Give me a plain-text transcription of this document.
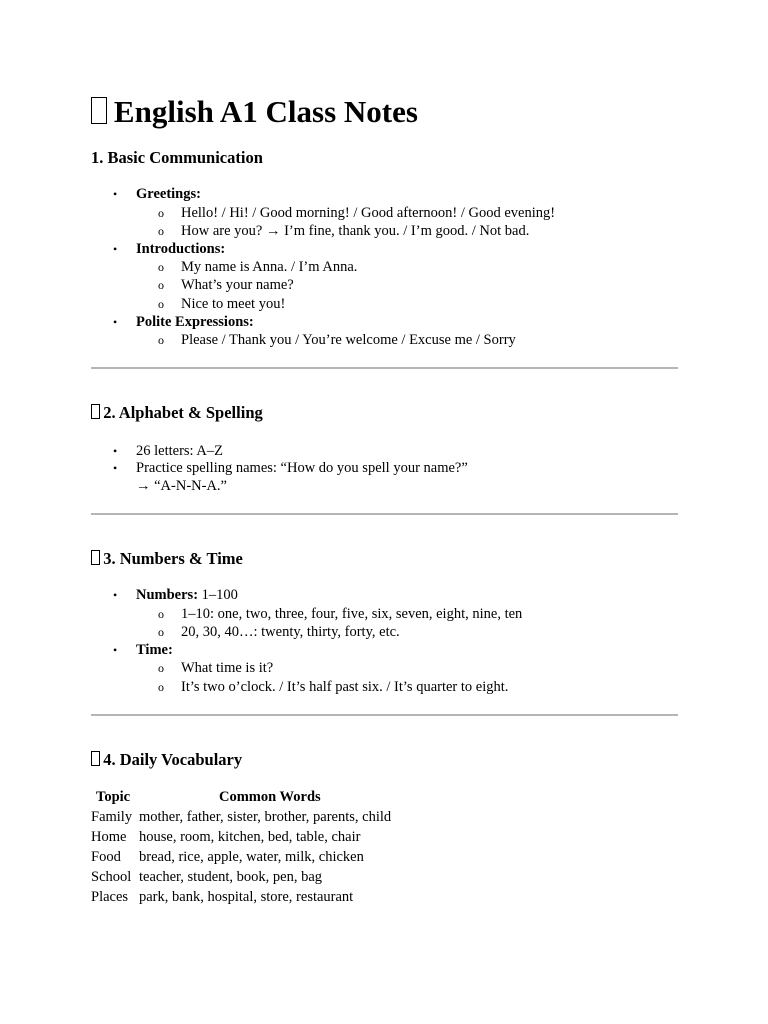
English A1 Class Notes
1. Basic Communication
• Greetings:
o Hello! / Hi! / Good morning! / Good afternoon! / Good evening!
o How are you? → I’m fine, thank you. / I’m good. / Not bad.
• Introductions:
o My name is Anna. / I’m Anna.
o What’s your name?
o Nice to meet you!
• Polite Expressions:
o Please / Thank you / You’re welcome / Excuse me / Sorry
2. Alphabet & Spelling
• 26 letters: A–Z
• Practice spelling names: “How do you spell your name?”
→ “A-N-N-A.”
3. Numbers & Time
• Numbers: 1–100
o 1–10: one, two, three, four, five, six, seven, eight, nine, ten
o 20, 30, 40…: twenty, thirty, forty, etc.
• Time:
o What time is it?
o It’s two o’clock. / It’s half past six. / It’s quarter to eight.
4. Daily Vocabulary
Topic	Common Words
Family mother, father, sister, brother, parents, child
Home house, room, kitchen, bed, table, chair
Food bread, rice, apple, water, milk, chicken
School teacher, student, book, pen, bag
Places park, bank, hospital, store, restaurant
